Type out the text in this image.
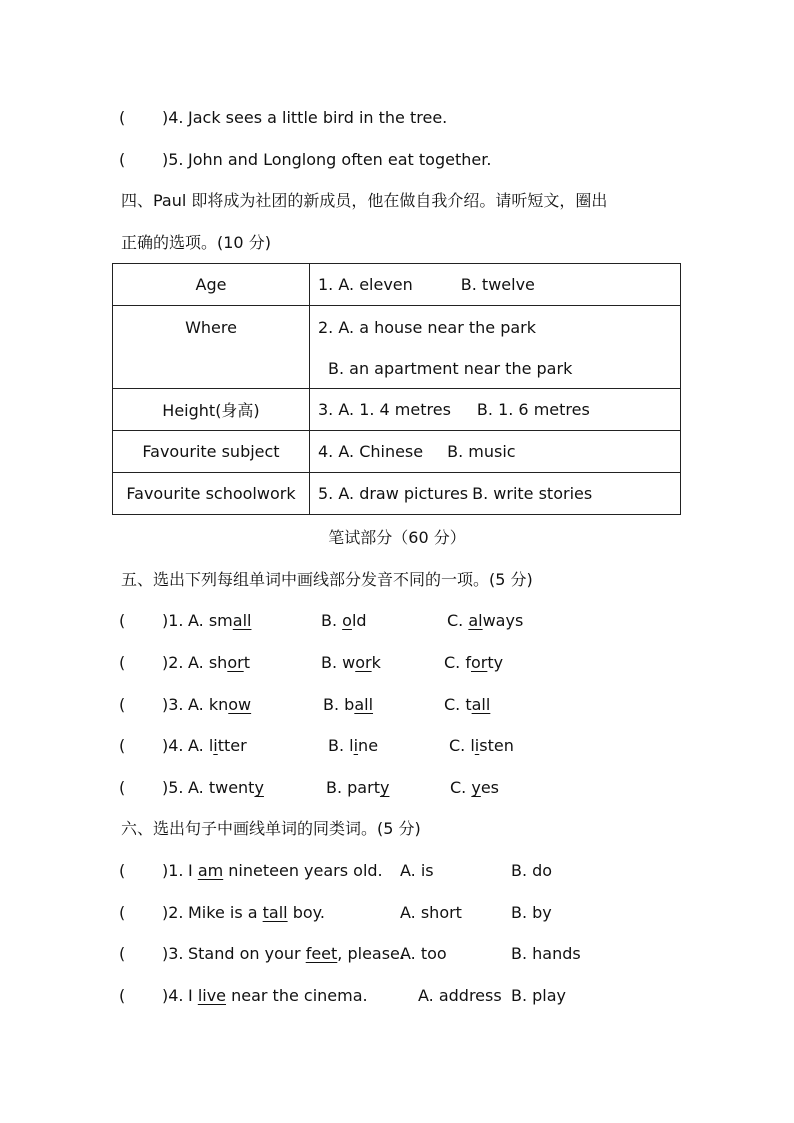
( )4. Jack sees a little bird in the tree.
( )5. John and Longlong often eat together.
四、Paul 即将成为社团的新成员，他在做自我介绍。请听短文，圈出
正确的选项。(10 分)
Age	1. A. eleven B. twelve
Where	2. A. a house near the park
B. an apartment near the park

Height(身高)	3. A. 1. 4 metres B. 1. 6 metres
Favourite subject	4. A. Chinese B. music
Favourite schoolwork	5. A. draw pictures B. write stories
笔试部分（60 分）
五、选出下列每组单词中画线部分发音不同的一项。(5 分)
( )1. A. small	B. old	C. always
( )2. A. short	B. work	C. forty
( )3. A. know	B. ball	C. tall
( )4. A. litter	B. line	C. listen
( )5. A. twenty	B. party	C. yes
六、选出句子中画线单词的同类词。(5 分)
( )1. I am nineteen years old. A. is	B. do
( )2. Mike is a tall boy.	A. short	B. by
( )3. Stand on your feet, please.
A. too	B. hands
( )4. I live near the cinema.	A. address B. play
